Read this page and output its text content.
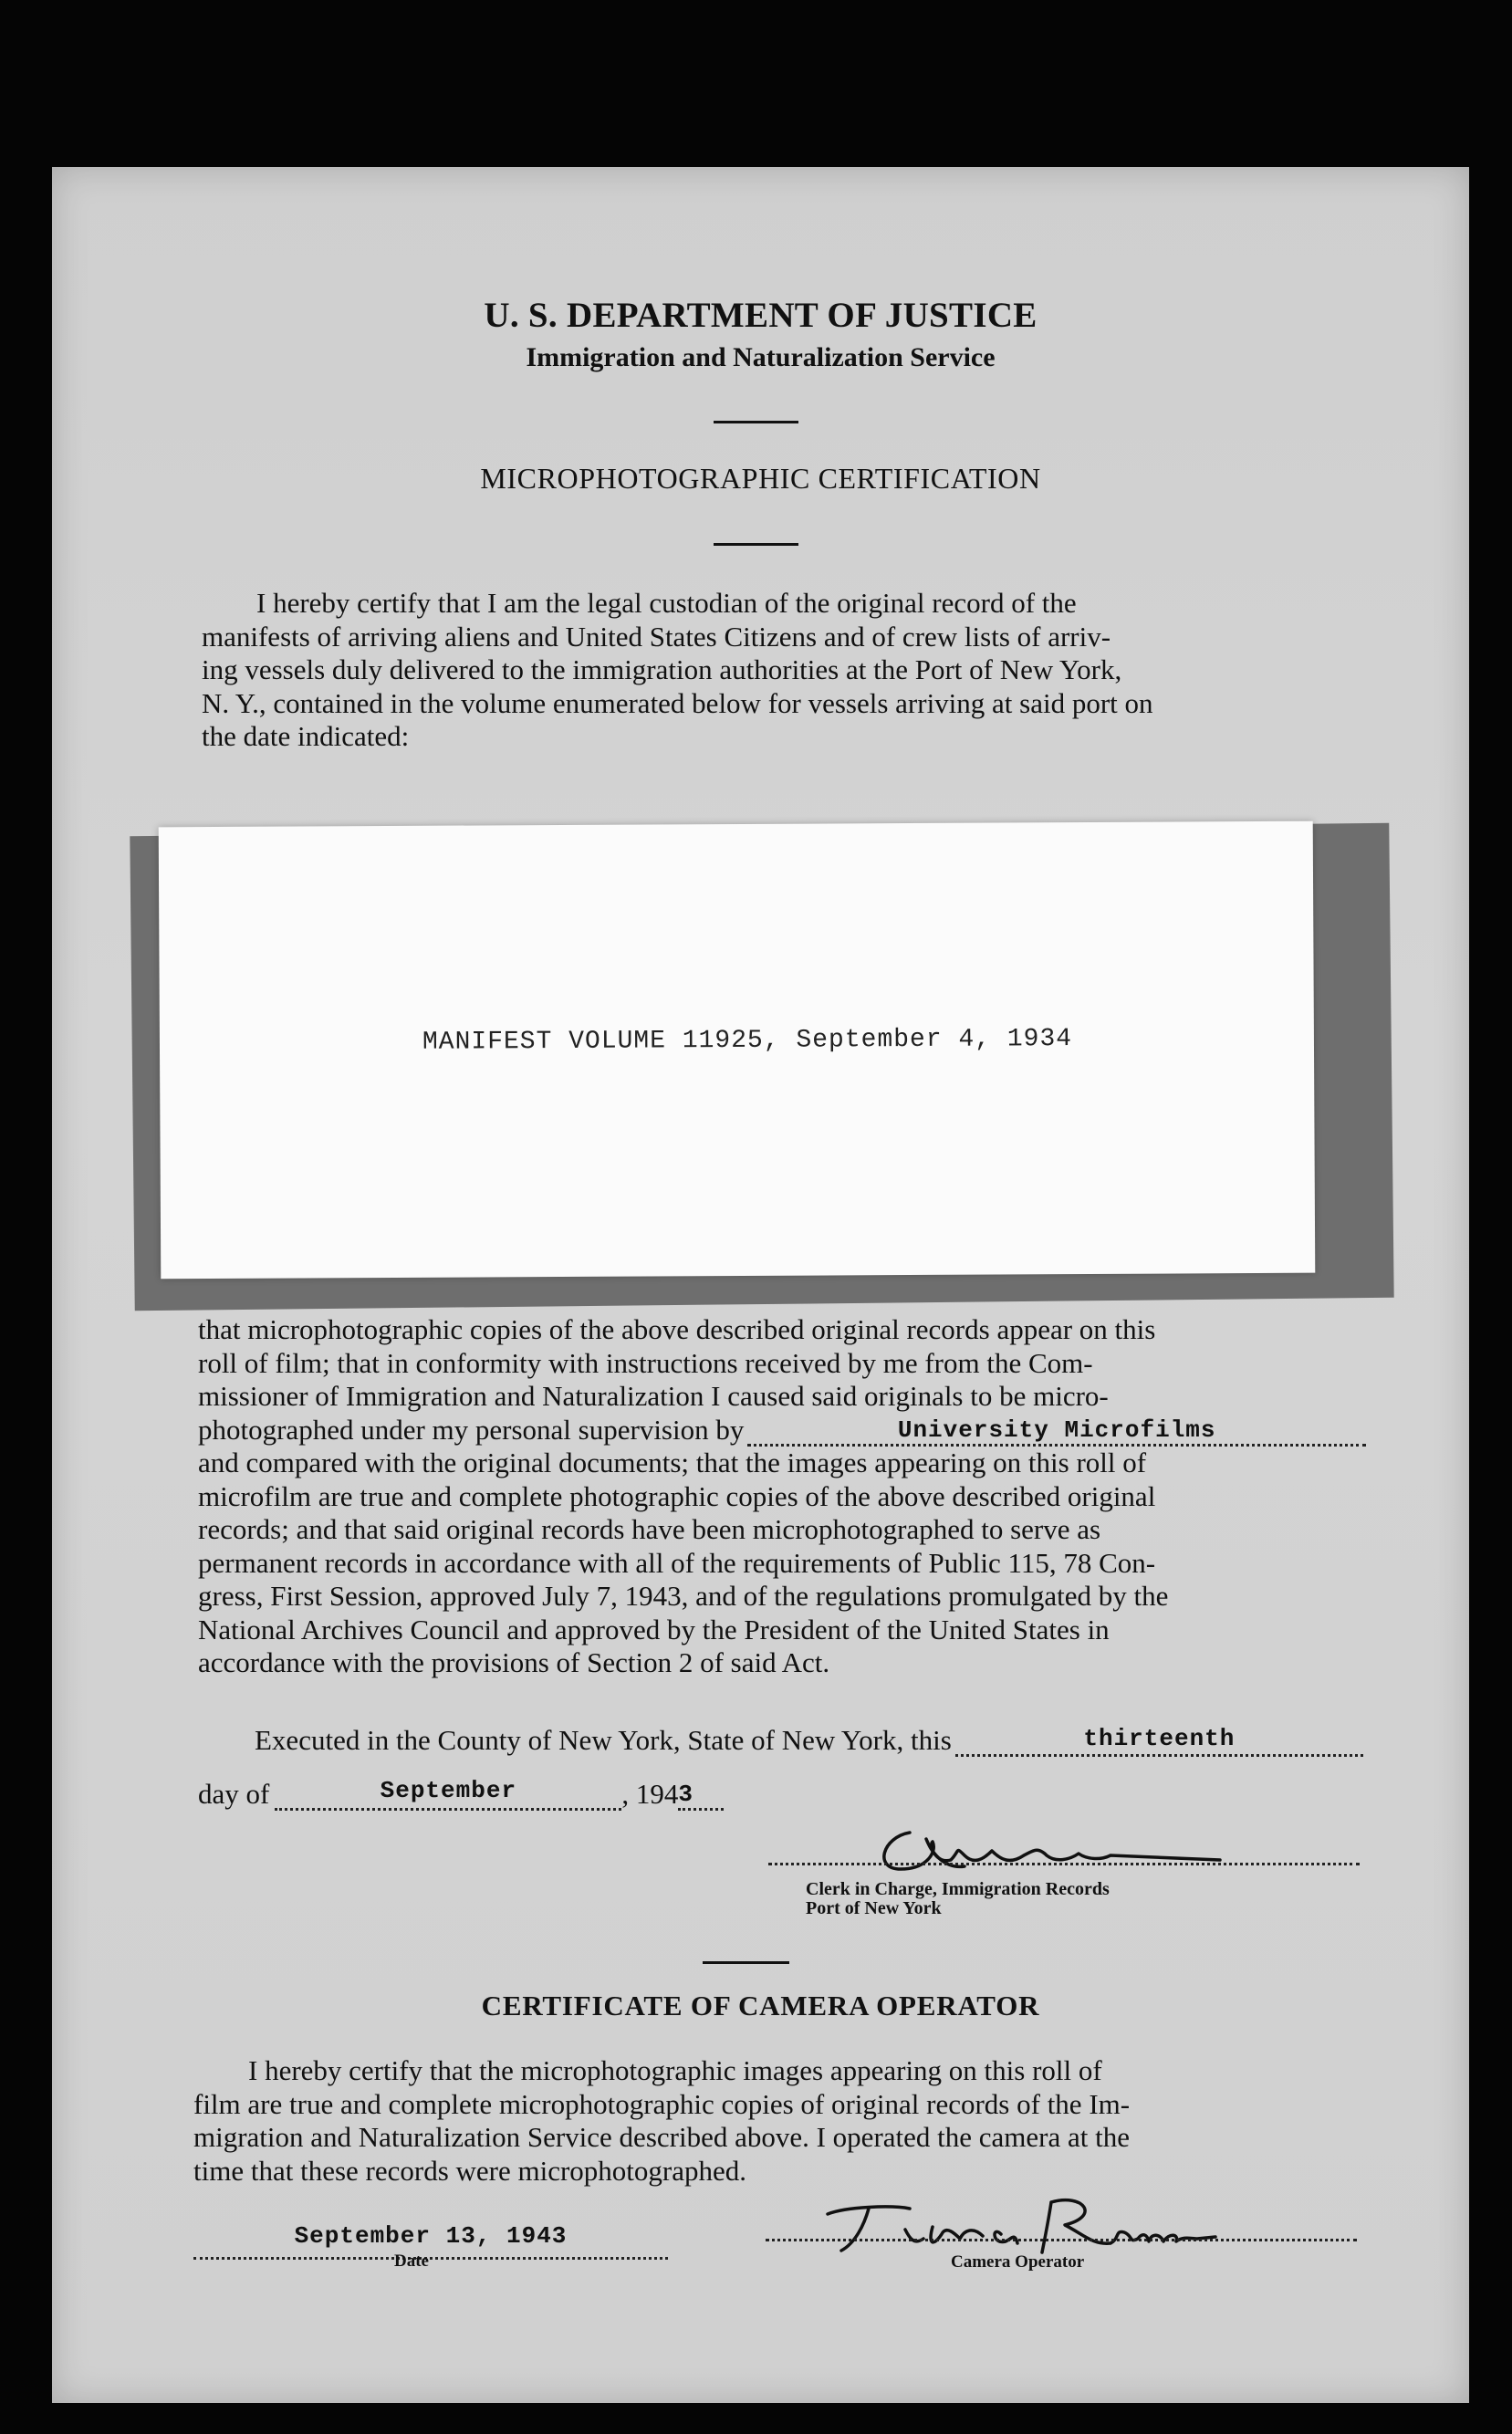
U. S. DEPARTMENT OF JUSTICE
Immigration and Naturalization Service
MICROPHOTOGRAPHIC CERTIFICATION

I hereby certify that I am the legal custodian of the original record of the

manifests of arriving aliens and United States Citizens and of crew lists of arriv-

ing vessels duly delivered to the immigration authorities at the Port of New York,

N. Y., contained in the volume enumerated below for vessels arriving at said port on

the date indicated:

MANIFEST VOLUME 11925, September 4, 1934

that microphotographic copies of the above described original records appear on this

roll of film; that in conformity with instructions received by me from the Com-

missioner of Immigration and Naturalization I caused said originals to be micro-

photographed under my personal supervision by	University Microfilms

and compared with the original documents; that the images appearing on this roll of

microfilm are true and complete photographic copies of the above described original

records; and that said original records have been microphotographed to serve as

permanent records in accordance with all of the requirements of Public 115, 78 Con-

gress, First Session, approved July 7, 1943, and of the regulations promulgated by the

National Archives Council and approved by the President of the United States in

accordance with the provisions of Section 2 of said Act.

Executed in the County of New York, State of New York, this	thirteenth
day of	$^{September}$	, 194 3
Clerk in Charge, Immigration Records
Port of New York
CERTIFICATE OF CAMERA OPERATOR

I hereby certify that the microphotographic images appearing on this roll of

film are true and complete microphotographic copies of original records of the Im-

migration and Naturalization Service described above. I operated the camera at the

time that these records were microphotographed.

September 13, 1943
Date	Camera Operator
